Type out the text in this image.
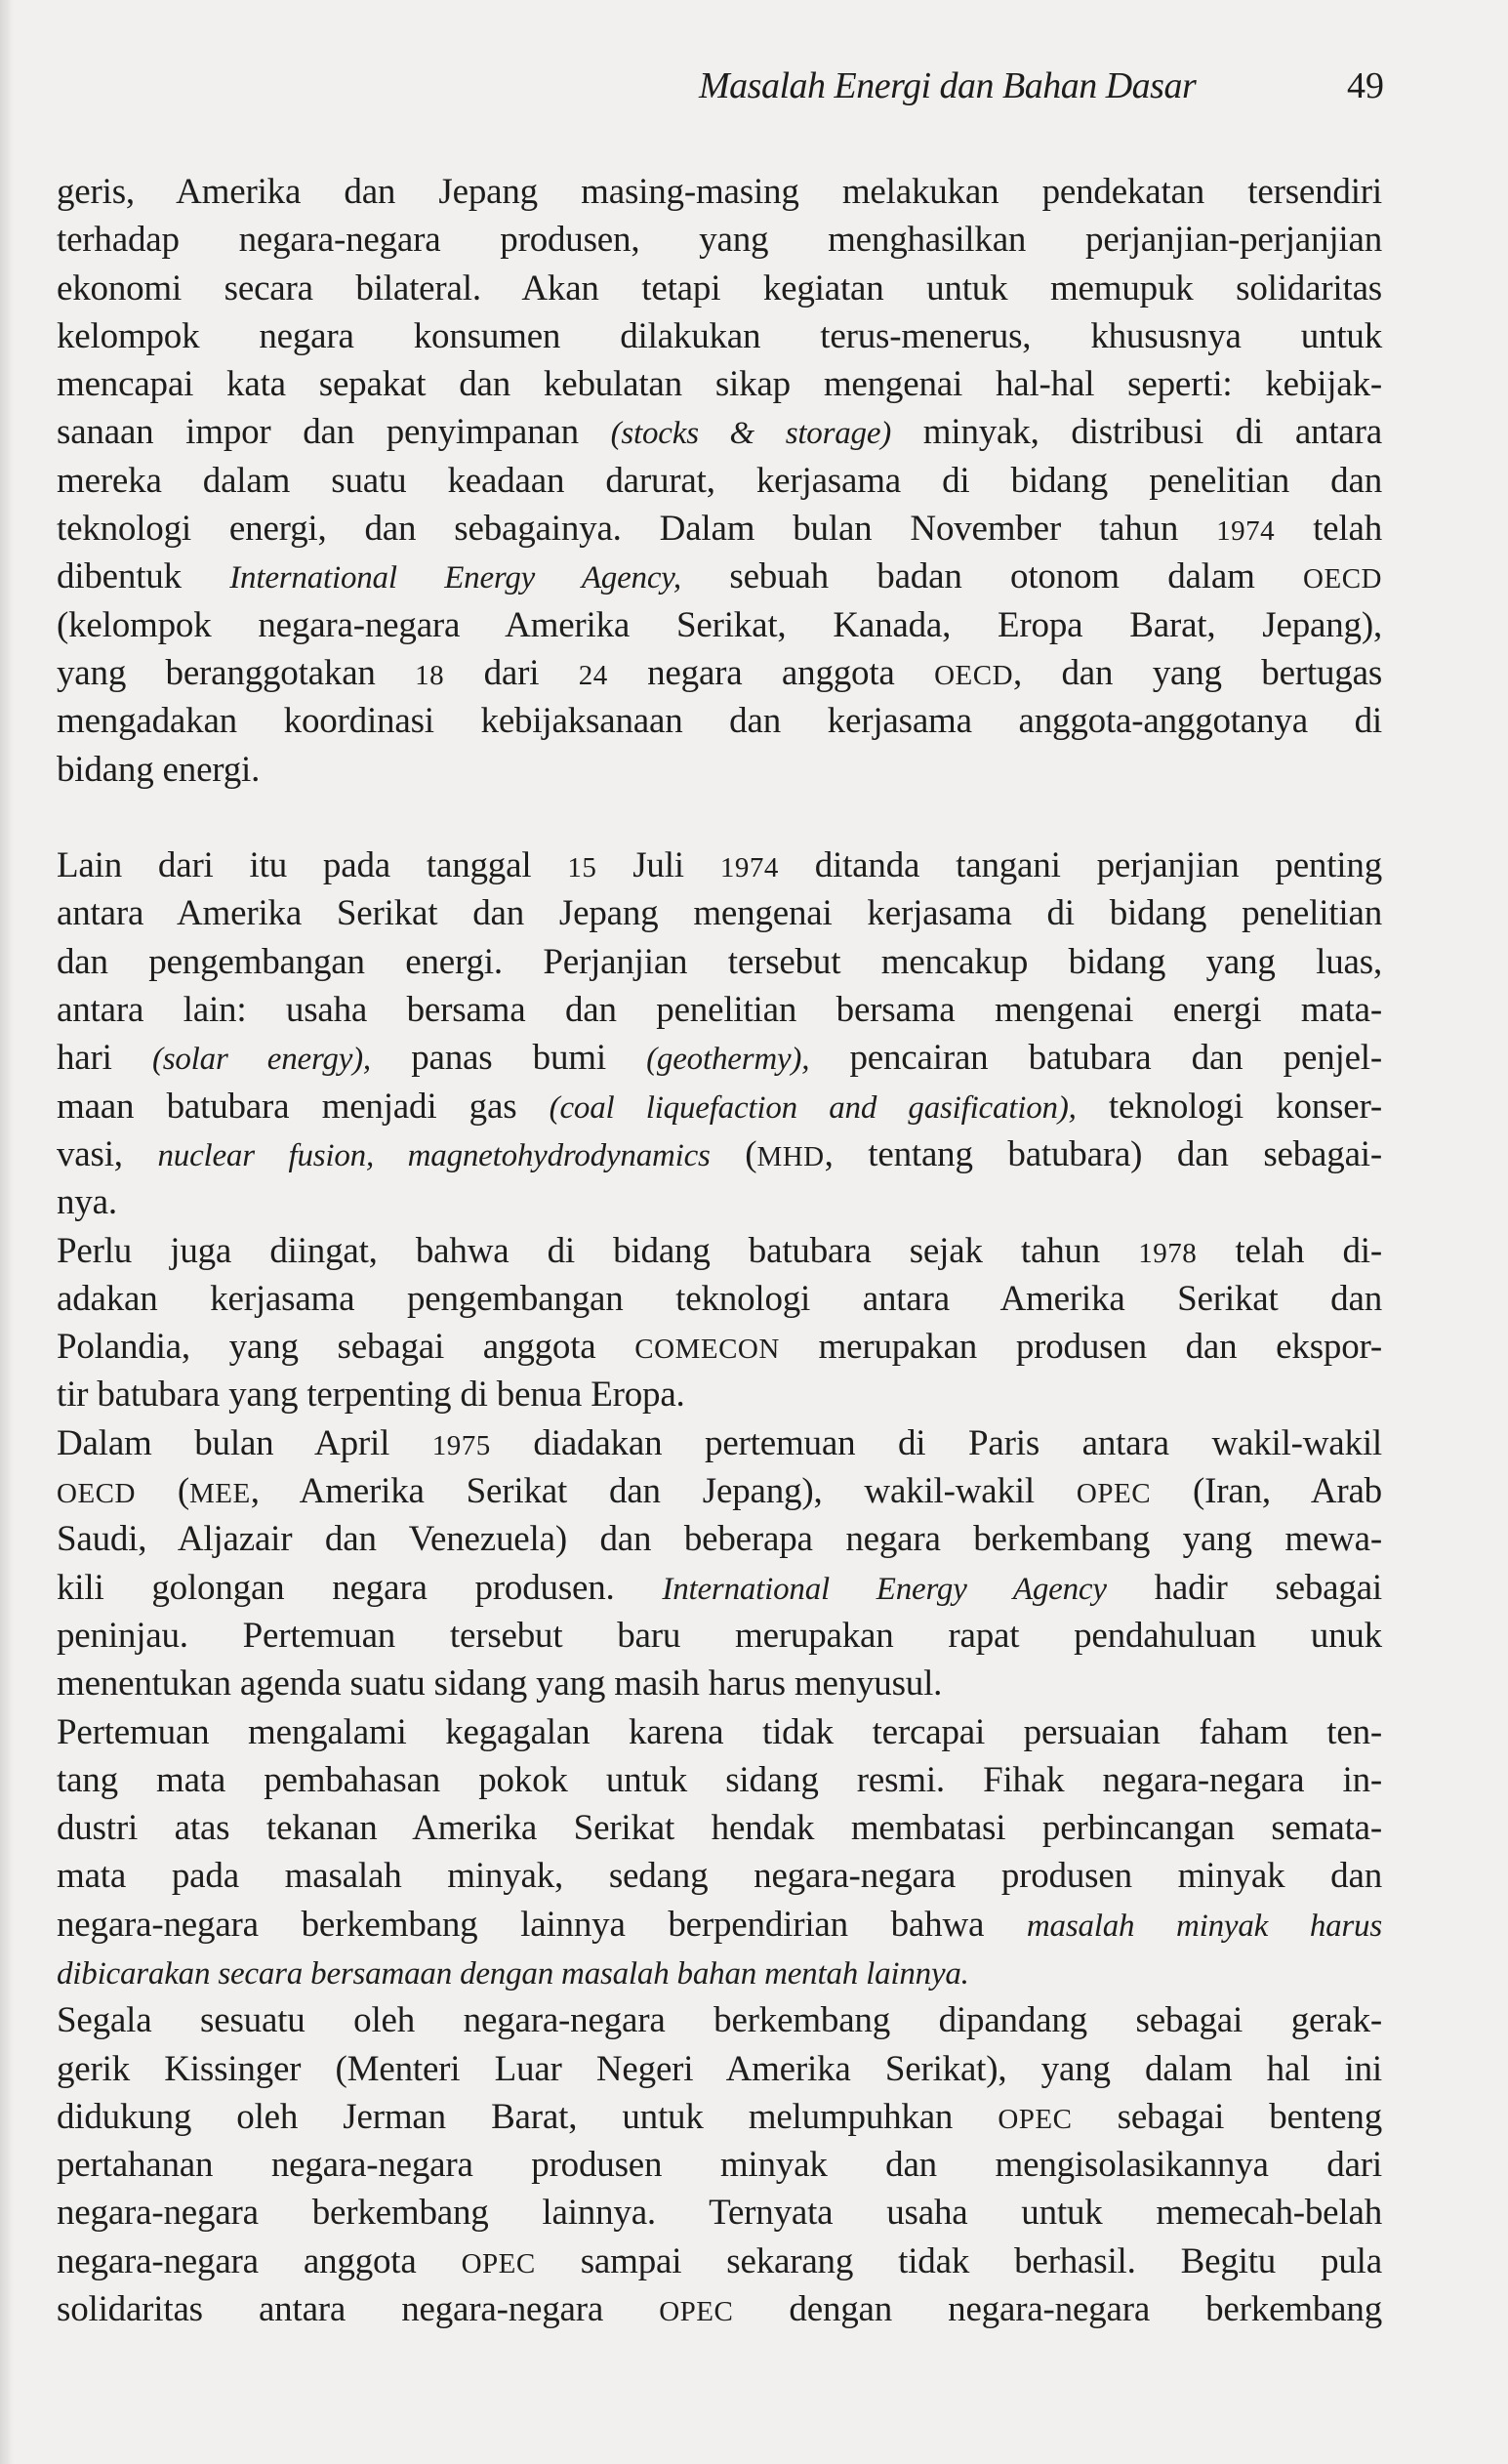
Masalah Energi dan Bahan Dasar	49
geris, Amerika dan Jepang masing-masing melakukan pendekatan tersendiri
terhadap negara-negara produsen, yang menghasilkan perjanjian-perjanjian
ekonomi secara bilateral. Akan tetapi kegiatan untuk memupuk solidaritas
kelompok negara konsumen dilakukan terus-menerus, khususnya untuk
mencapai kata sepakat dan kebulatan sikap mengenai hal-hal seperti: kebijak-
sanaan impor dan penyimpanan (stocks & storage) minyak, distribusi di antara
mereka dalam suatu keadaan darurat, kerjasama di bidang penelitian dan
teknologi energi, dan sebagainya. Dalam bulan November tahun 1974 telah
dibentuk International Energy Agency, sebuah badan otonom dalam OECD
(kelompok negara-negara Amerika Serikat, Kanada, Eropa Barat, Jepang),
yang beranggotakan 18 dari 24 negara anggota OECD, dan yang bertugas
mengadakan koordinasi kebijaksanaan dan kerjasama anggota-anggotanya di
bidang energi.
Lain dari itu pada tanggal 15 Juli 1974 ditanda tangani perjanjian penting
antara Amerika Serikat dan Jepang mengenai kerjasama di bidang penelitian
dan pengembangan energi. Perjanjian tersebut mencakup bidang yang luas,
antara lain: usaha bersama dan penelitian bersama mengenai energi mata-
hari (solar energy), panas bumi (geothermy), pencairan batubara dan penjel-
maan batubara menjadi gas (coal liquefaction and gasification), teknologi konser-
vasi, nuclear fusion, magnetohydrodynamics (MHD, tentang batubara) dan sebagai-
nya.
Perlu juga diingat, bahwa di bidang batubara sejak tahun 1978 telah di-
adakan kerjasama pengembangan teknologi antara Amerika Serikat dan
Polandia, yang sebagai anggota COMECON merupakan produsen dan ekspor-
tir batubara yang terpenting di benua Eropa.
Dalam bulan April 1975 diadakan pertemuan di Paris antara wakil-wakil
OECD (MEE, Amerika Serikat dan Jepang), wakil-wakil OPEC (Iran, Arab
Saudi, Aljazair dan Venezuela) dan beberapa negara berkembang yang mewa-
kili golongan negara produsen. International Energy Agency hadir sebagai
peninjau. Pertemuan tersebut baru merupakan rapat pendahuluan unuk
menentukan agenda suatu sidang yang masih harus menyusul.
Pertemuan mengalami kegagalan karena tidak tercapai persuaian faham ten-
tang mata pembahasan pokok untuk sidang resmi. Fihak negara-negara in-
dustri atas tekanan Amerika Serikat hendak membatasi perbincangan semata-
mata pada masalah minyak, sedang negara-negara produsen minyak dan
negara-negara berkembang lainnya berpendirian bahwa masalah minyak harus
dibicarakan secara bersamaan dengan masalah bahan mentah lainnya.
Segala sesuatu oleh negara-negara berkembang dipandang sebagai gerak-
gerik Kissinger (Menteri Luar Negeri Amerika Serikat), yang dalam hal ini
didukung oleh Jerman Barat, untuk melumpuhkan OPEC sebagai benteng
pertahanan negara-negara produsen minyak dan mengisolasikannya dari
negara-negara berkembang lainnya. Ternyata usaha untuk memecah-belah
negara-negara anggota OPEC sampai sekarang tidak berhasil. Begitu pula
solidaritas antara negara-negara OPEC dengan negara-negara berkembang
